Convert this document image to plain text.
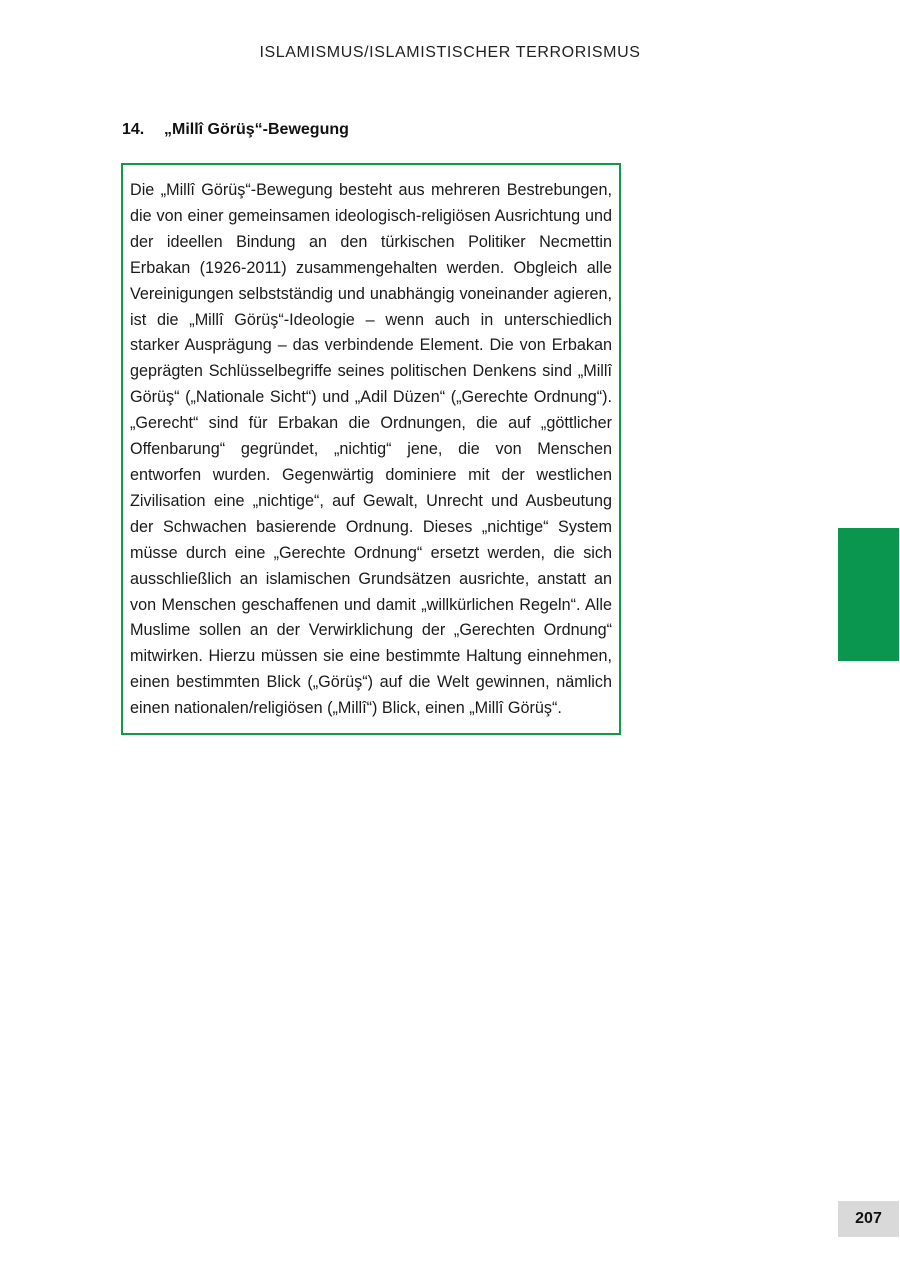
ISLAMISMUS/ISLAMISTISCHER TERRORISMUS
14. „Millî Görüş“-Bewegung

Die „Millî Görüş“-Bewegung besteht aus mehreren Bestrebungen, die von einer gemeinsamen ideologisch-religiösen Ausrichtung und der ideellen Bindung an den türkischen Politiker Necmettin Erbakan (1926-2011) zusammengehalten werden. Obgleich alle Vereinigungen selbstständig und unabhängig voneinander agieren, ist die „Millî Görüş“-Ideologie – wenn auch in unterschiedlich starker Ausprägung – das verbindende Element. Die von Erbakan geprägten Schlüsselbegriffe seines politischen Denkens sind „Millî Görüş“ („Nationale Sicht“) und „Adil Düzen“ („Gerechte Ordnung“). „Gerecht“ sind für Erbakan die Ordnungen, die auf „göttlicher Offenbarung“ gegründet, „nichtig“ jene, die von Menschen entworfen wurden. Gegenwärtig dominiere mit der westlichen Zivilisation eine „nichtige“, auf Gewalt, Unrecht und Ausbeutung der Schwachen basierende Ordnung. Dieses „nichtige“ System müsse durch eine „Gerechte Ordnung“ ersetzt werden, die sich ausschließlich an islamischen Grundsätzen ausrichte, anstatt an von Menschen geschaffenen und damit „willkürlichen Regeln“. Alle Muslime sollen an der Verwirklichung der „Gerechten Ordnung“ mitwirken. Hierzu müssen sie eine bestimmte Haltung einnehmen, einen bestimmten Blick („Görüş“) auf die Welt gewinnen, nämlich einen nationalen/religiösen („Millî“) Blick, einen „Millî Görüş“.

207
